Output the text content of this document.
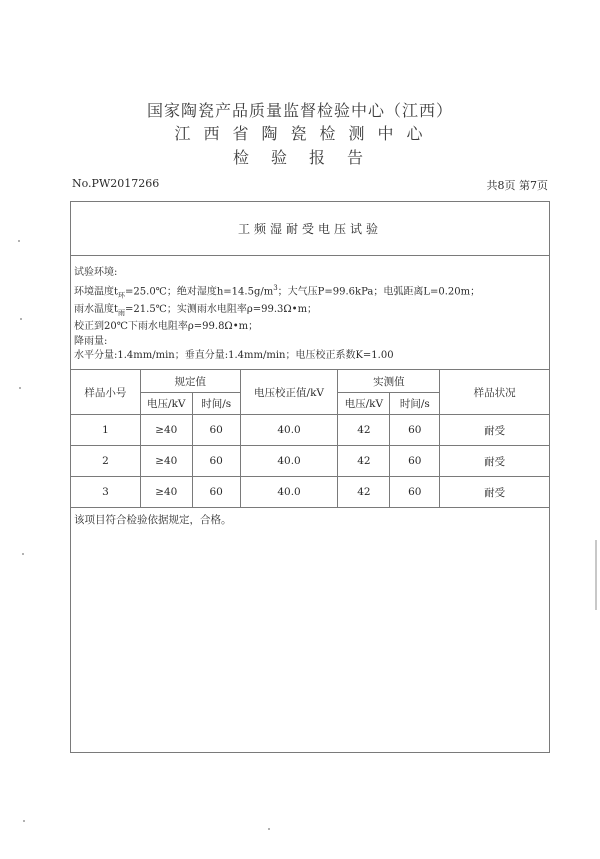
国家陶瓷产品质量监督检验中心（江西）
江西省陶瓷检测中心
检验报告
No.PW2017266	共8页 第7页
工频湿耐受电压试验
试验环境:
环境温度$t_环=25.0℃$；绝对湿度$h=14.5g/m^3$；大气压P=99.6kPa；电弧距离L=0.20m；
雨水温度$t_雨=21.5℃$；实测雨水电阻率ρ=99.3Ω•m；
校正到20℃下雨水电阻率ρ=99.8Ω•m；
降雨量:
水平分量:1.4mm/min；垂直分量:1.4mm/min；电压校正系数K=1.00
样品小号	规定值		电压校正值/kV	实测值		样品状况
	电压/kV	时间/s		电压/kV	时间/s	
1	≥40	60	40.0	42	60	耐受
2	≥40	60	40.0	42	60	耐受
3	≥40	60	40.0	42	60	耐受
该项目符合检验依据规定，合格。
